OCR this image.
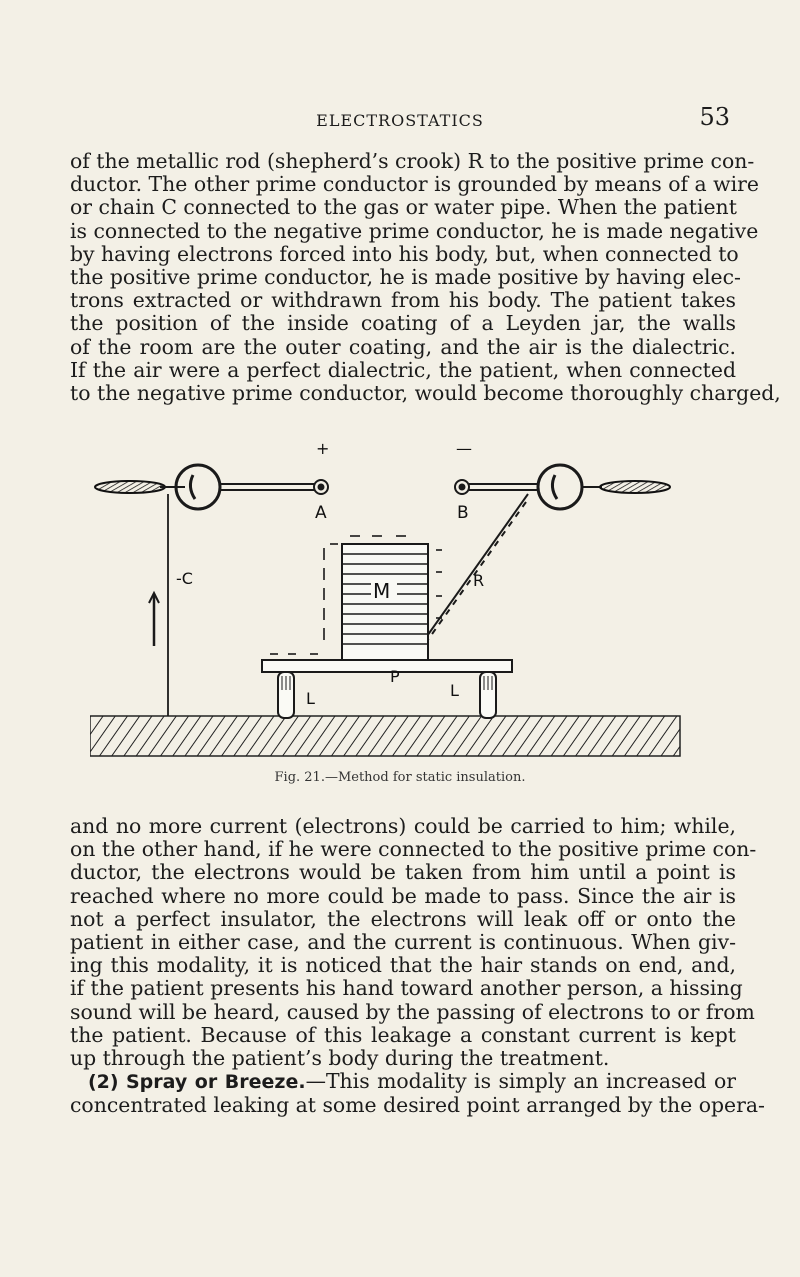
ELECTROSTATICS	53
of the metallic rod (shepherd’s crook) R to the positive prime con-
ductor. The other prime conductor is grounded by means of a wire
or chain C connected to the gas or water pipe. When the patient
is connected to the negative prime conductor, he is made negative
by having electrons forced into his body, but, when connected to
the positive prime conductor, he is made positive by having elec-
trons extracted or withdrawn from his body. The patient takes
the position of the inside coating of a Leyden jar, the walls
of the room are the outer coating, and the air is the dialectric.
If the air were a perfect dialectric, the patient, when connected
to the negative prime conductor, would become thoroughly charged,
+
A
—
B
-C	R
M
P
L	L
Fig. 21.—Method for static insulation.
and no more current (electrons) could be carried to him; while,
on the other hand, if he were connected to the positive prime con-
ductor, the electrons would be taken from him until a point is
reached where no more could be made to pass. Since the air is
not a perfect insulator, the electrons will leak off or onto the
patient in either case, and the current is continuous. When giv-
ing this modality, it is noticed that the hair stands on end, and,
if the patient presents his hand toward another person, a hissing
sound will be heard, caused by the passing of electrons to or from
the patient. Because of this leakage a constant current is kept
up through the patient’s body during the treatment.
(2) Spray or Breeze.—This modality is simply an increased or
concentrated leaking at some desired point arranged by the opera-
